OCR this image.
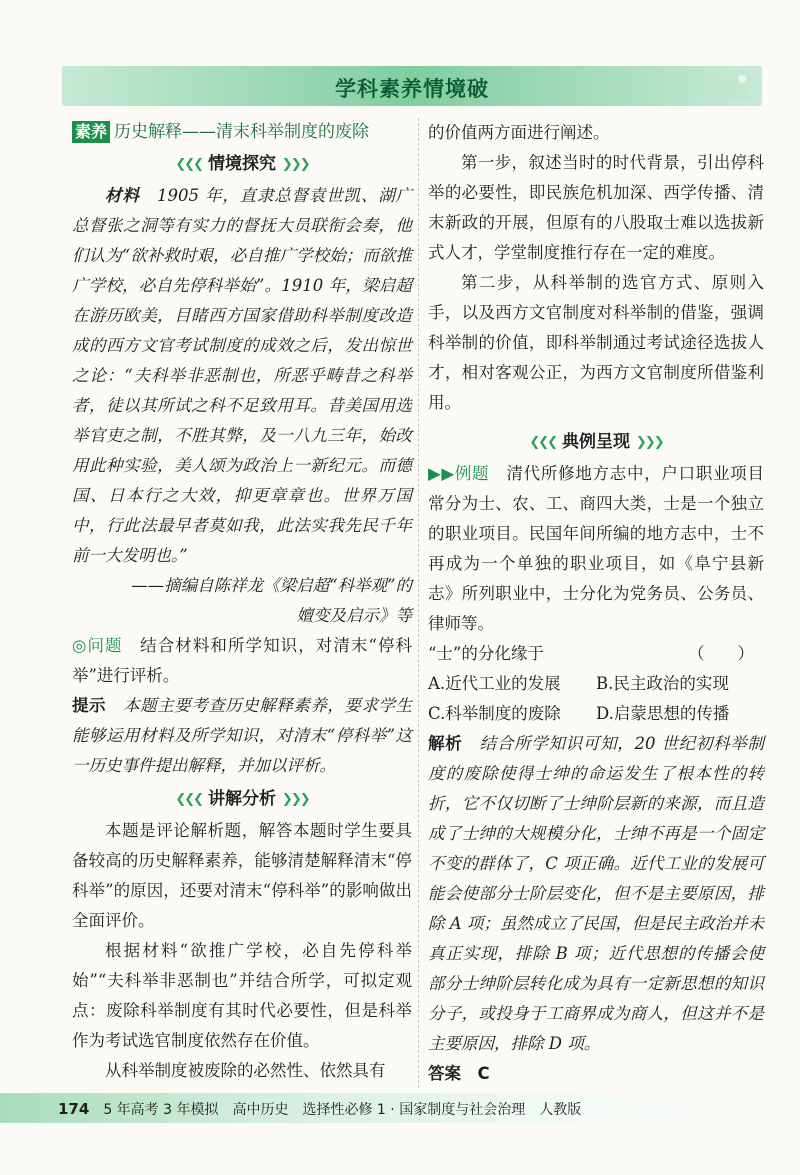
学科素养情境破

素养 历史解释——清末科举制度的废除

❮❮❮ 情境探究 ❯❯❯

材料　 1905 年，直隶总督袁世凯、湖广总督张之洞等有实力的督抚大员联衔会奏，他们认为“欲补救时艰，必自推广学校始；而欲推广学校，必自先停科举始”。1910 年，梁启超在游历欧美，目睹西方国家借助科举制度改造成的西方文官考试制度的成效之后，发出惊世之论：“夫科举非恶制也，所恶乎畴昔之科举者，徒以其所试之科不足致用耳。昔美国用选举官吏之制，不胜其弊，及一八九三年，始改用此种实验，美人颂为政治上一新纪元。而德国、日本行之大效，抑更章章也。世界万国中，行此法最早者莫如我，此法实我先民千年前一大发明也。”

——摘编自陈祥龙《梁启超“科举观”的

嬗变及启示》等

◎问题　 结合材料和所学知识，对清末“停科举”进行评析。

提示　 本题主要考查历史解释素养，要求学生能够运用材料及所学知识，对清末“停科举”这一历史事件提出解释，并加以评析。

❮❮❮ 讲解分析 ❯❯❯

本题是评论解析题，解答本题时学生要具备较高的历史解释素养，能够清楚解释清末“停科举”的原因，还要对清末“停科举”的影响做出全面评价。

根据材料“欲推广学校，必自先停科举始”“夫科举非恶制也”并结合所学，可拟定观点：废除科举制度有其时代必要性，但是科举作为考试选官制度依然存在价值。

从科举制度被废除的必然性、依然具有

的价值两方面进行阐述。

第一步，叙述当时的时代背景，引出停科举的必要性，即民族危机加深、西学传播、清末新政的开展，但原有的八股取士难以选拔新式人才，学堂制度推行存在一定的难度。

第二步，从科举制的选官方式、原则入手，以及西方文官制度对科举制的借鉴，强调科举制的价值，即科举制通过考试途径选拔人才，相对客观公正，为西方文官制度所借鉴利用。

❮❮❮ 典例呈现 ❯❯❯

▶▶例题　 清代所修地方志中，户口职业项目常分为士、农、工、商四大类，士是一个独立的职业项目。民国年间所编的地方志中，士不再成为一个单独的职业项目，如《阜宁县新志》所列职业中，士分化为党务员、公务员、律师等。

“士”的分化缘于	（　　）

A.近代工业的发展	B.民主政治的实现
C.科举制度的废除	D.启蒙思想的传播

解析　 结合所学知识可知，20 世纪初科举制度的废除使得士绅的命运发生了根本性的转折，它不仅切断了士绅阶层新的来源，而且造成了士绅的大规模分化，士绅不再是一个固定不变的群体了，C 项正确。近代工业的发展可能会使部分士阶层变化，但不是主要原因，排除 A 项；虽然成立了民国，但是民主政治并未真正实现，排除 B 项；近代思想的传播会使部分士绅阶层转化成为具有一定新思想的知识分子，或投身于工商界成为商人，但这并不是主要原因，排除 D 项。

答案　 C

174 5 年高考 3 年模拟 高中历史 选择性必修 1 · 国家制度与社会治理 人教版
